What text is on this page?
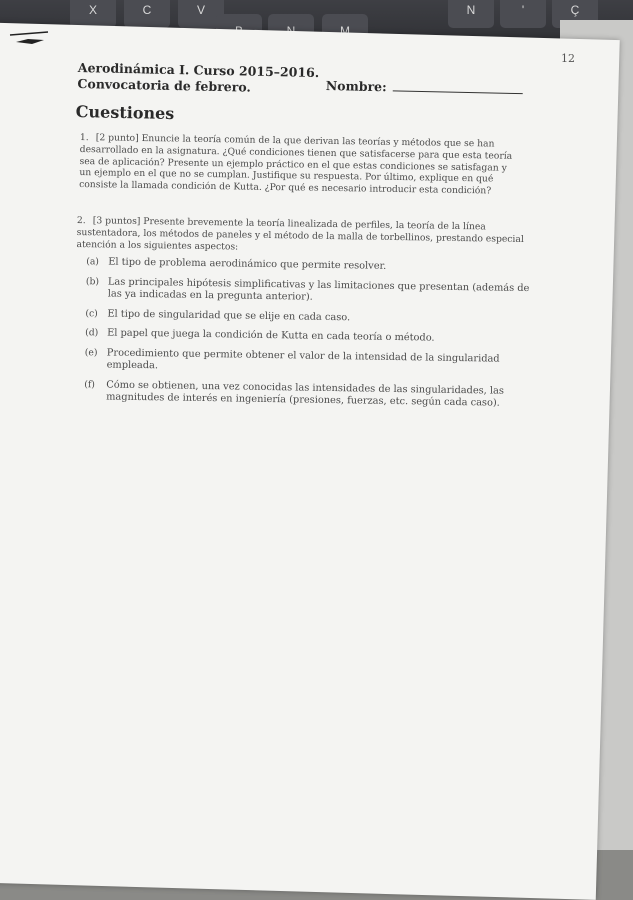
X	C	V
M
N	'	Ç
12
Aerodinámica I. Curso 2015–2016.
Convocatoria de febrero.	Nombre:
Cuestiones
1. [2 punto] Enuncie la teoría común de la que derivan las teorías y métodos que se han desarrollado en la asignatura. ¿Qué condiciones tienen que satisfacerse para que esta teoría sea de aplicación? Presente un ejemplo práctico en el que estas condiciones se satisfagan y un ejemplo en el que no se cumplan. Justifique su respuesta. Por último, explique en qué consiste la llamada condición de Kutta. ¿Por qué es necesario introducir esta condición?
2. [3 puntos] Presente brevemente la teoría linealizada de perfiles, la teoría de la línea sustentadora, los métodos de paneles y el método de la malla de torbellinos, prestando especial atención a los siguientes aspectos:
(a) El tipo de problema aerodinámico que permite resolver.
(b) Las principales hipótesis simplificativas y las limitaciones que presentan (además de las ya indicadas en la pregunta anterior).
(c) El tipo de singularidad que se elije en cada caso.
(d) El papel que juega la condición de Kutta en cada teoría o método.
(e) Procedimiento que permite obtener el valor de la intensidad de la singularidad empleada.
(f)	Cómo se obtienen, una vez conocidas las intensidades de las singularidades, las magnitudes de interés en ingeniería (presiones, fuerzas, etc. según cada caso).
